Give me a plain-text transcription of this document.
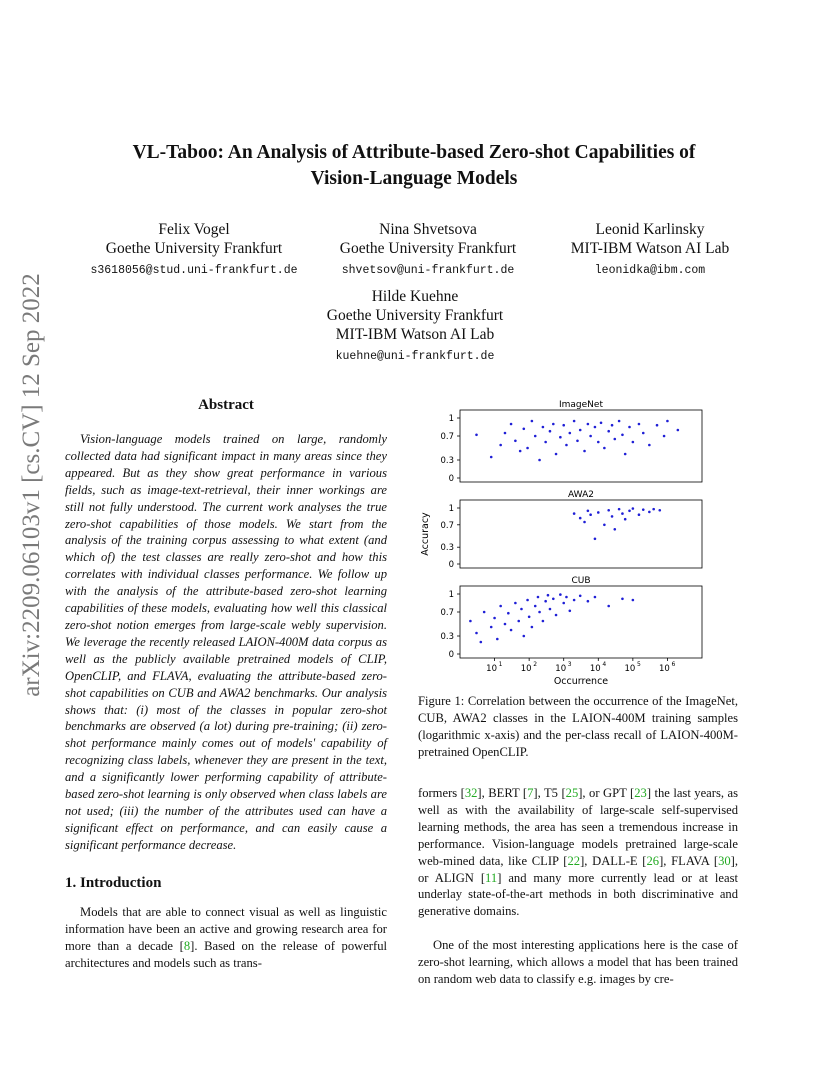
arXiv:2209.06103v1 [cs.CV] 12 Sep 2022
VL-Taboo: An Analysis of Attribute-based Zero-shot Capabilities of Vision-Language Models
Felix Vogel
Goethe University Frankfurt
s3618056@stud.uni-frankfurt.de
Nina Shvetsova
Goethe University Frankfurt
shvetsov@uni-frankfurt.de
Leonid Karlinsky
MIT-IBM Watson AI Lab
leonidka@ibm.com
Hilde Kuehne
Goethe University Frankfurt
MIT-IBM Watson AI Lab
kuehne@uni-frankfurt.de
Abstract
Vision-language models trained on large, randomly collected data had significant impact in many areas since they appeared. But as they show great performance in various fields, such as image-text-retrieval, their inner workings are still not fully understood. The current work analyses the true zero-shot capabilities of those models. We start from the analysis of the training corpus assessing to what extent (and which of) the test classes are really zero-shot and how this correlates with individual classes performance. We follow up with the analysis of the attribute-based zero-shot learning capabilities of these models, evaluating how well this classical zero-shot notion emerges from large-scale webly supervision. We leverage the recently released LAION-400M data corpus as well as the publicly available pretrained models of CLIP, OpenCLIP, and FLAVA, evaluating the attribute-based zero-shot capabilities on CUB and AWA2 benchmarks. Our analysis shows that: (i) most of the classes in popular zero-shot benchmarks are observed (a lot) during pre-training; (ii) zero-shot performance mainly comes out of models' capability of recognizing class labels, whenever they are present in the text, and a significantly lower performing capability of attribute-based zero-shot learning is only observed when class labels are not used; (iii) the number of the attributes used can have a significant effect on performance, and can easily cause a significant performance decrease.
1. Introduction
Models that are able to connect visual as well as linguistic information have been an active and growing research area for more than a decade [8]. Based on the release of powerful architectures and models such as trans-
ImageNet
0
0.3
0.7
1
AWA2
0
0.3
0.7
1
CUB
0
0.3
0.7
1
10 1 10 2 10 3 10 4 10 5 10 6
Occurrence
Accuracy
Figure 1: Correlation between the occurrence of the ImageNet, CUB, AWA2 classes in the LAION-400M training samples (logarithmic x-axis) and the per-class recall of LAION-400M-pretrained OpenCLIP.
formers [32], BERT [7], T5 [25], or GPT [23] the last years, as well as with the availability of large-scale self-supervised learning methods, the area has seen a tremendous increase in performance. Vision-language models pretrained large-scale web-mined data, like CLIP [22], DALL-E [26], FLAVA [30], or ALIGN [11] and many more currently lead or at least underlay state-of-the-art methods in both discriminative and generative domains.
One of the most interesting applications here is the case of zero-shot learning, which allows a model that has been trained on random web data to classify e.g. images by cre-
